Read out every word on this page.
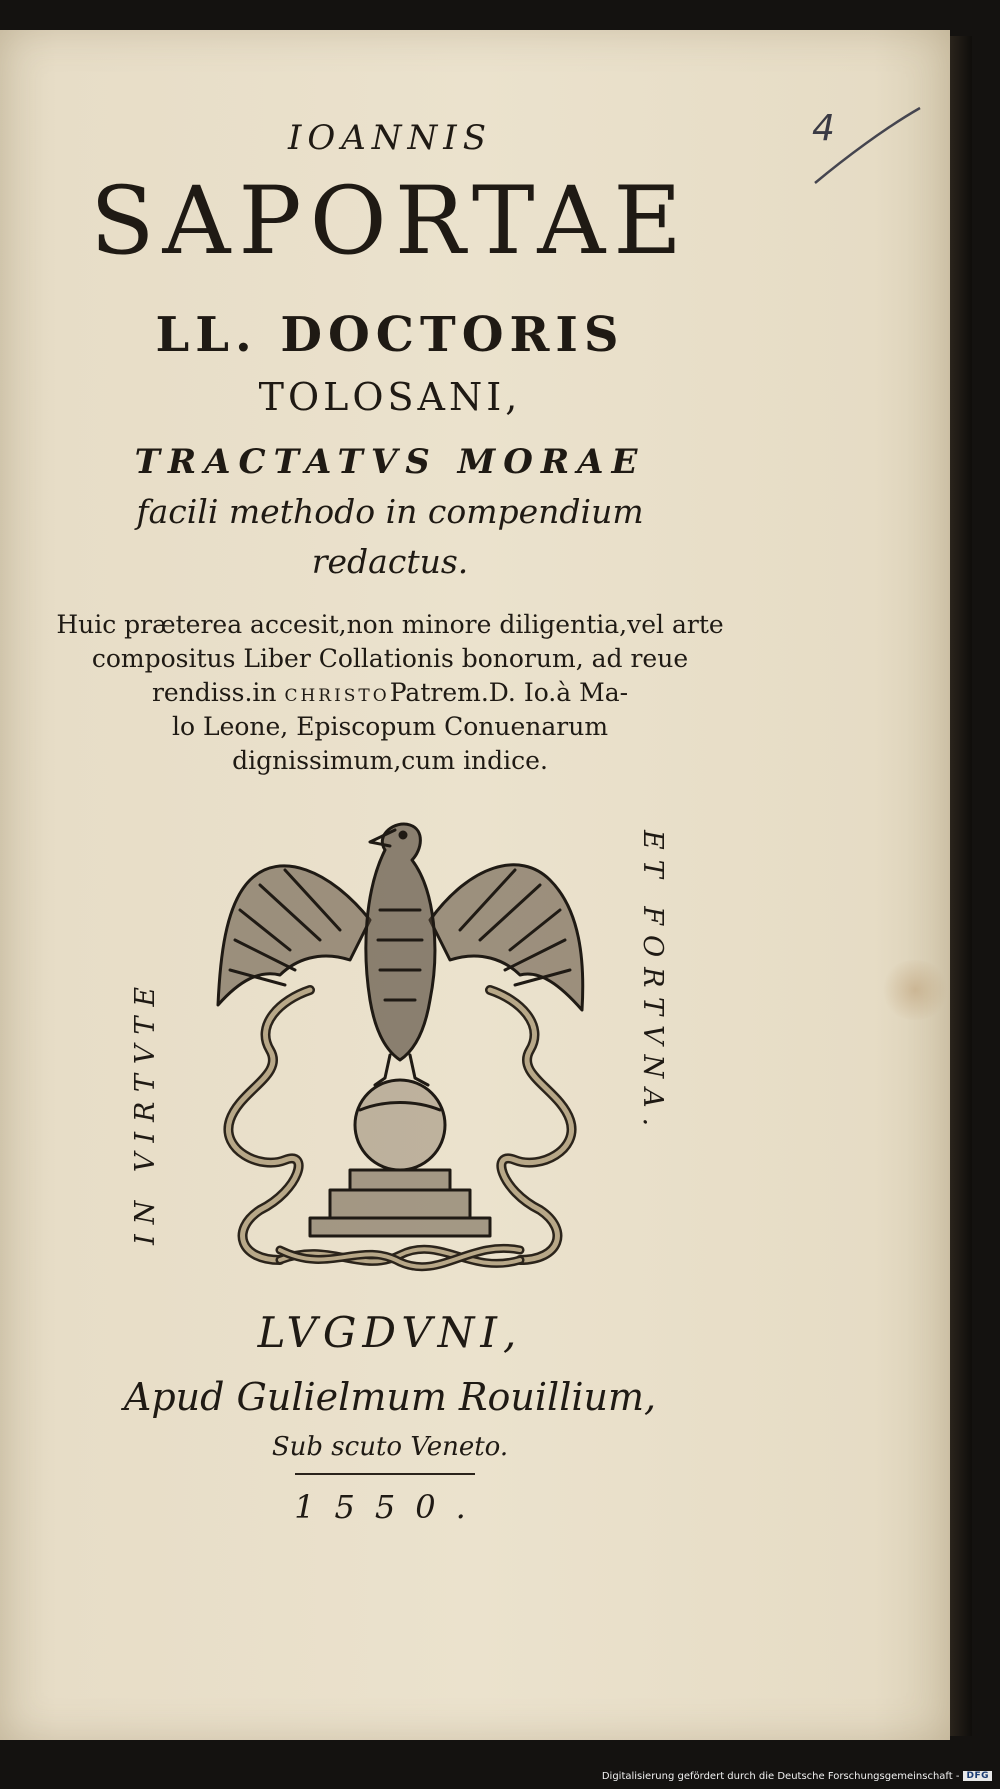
IOANNIS

SAPORTAE

LL. DOCTORIS

TOLOSANI,

TRACTATVS MORAE

facili methodo in compendium

redactus.

Huic præterea accesit,non minore diligentia,vel arte

compositus Liber Collationis bonorum, ad reue

rendiss.in CHRISTOPatrem.D. Io.à Ma-

lo Leone, Episcopum Conuenarum

dignissimum,cum indice.

IN VIRTVTE	ET FORTVNA.

LVGDVNI,

Apud Gulielmum Rouillium,

Sub scuto Veneto.

1550.

4
Digitalisierung gefördert durch die Deutsche Forschungsgemeinschaft - DFG
